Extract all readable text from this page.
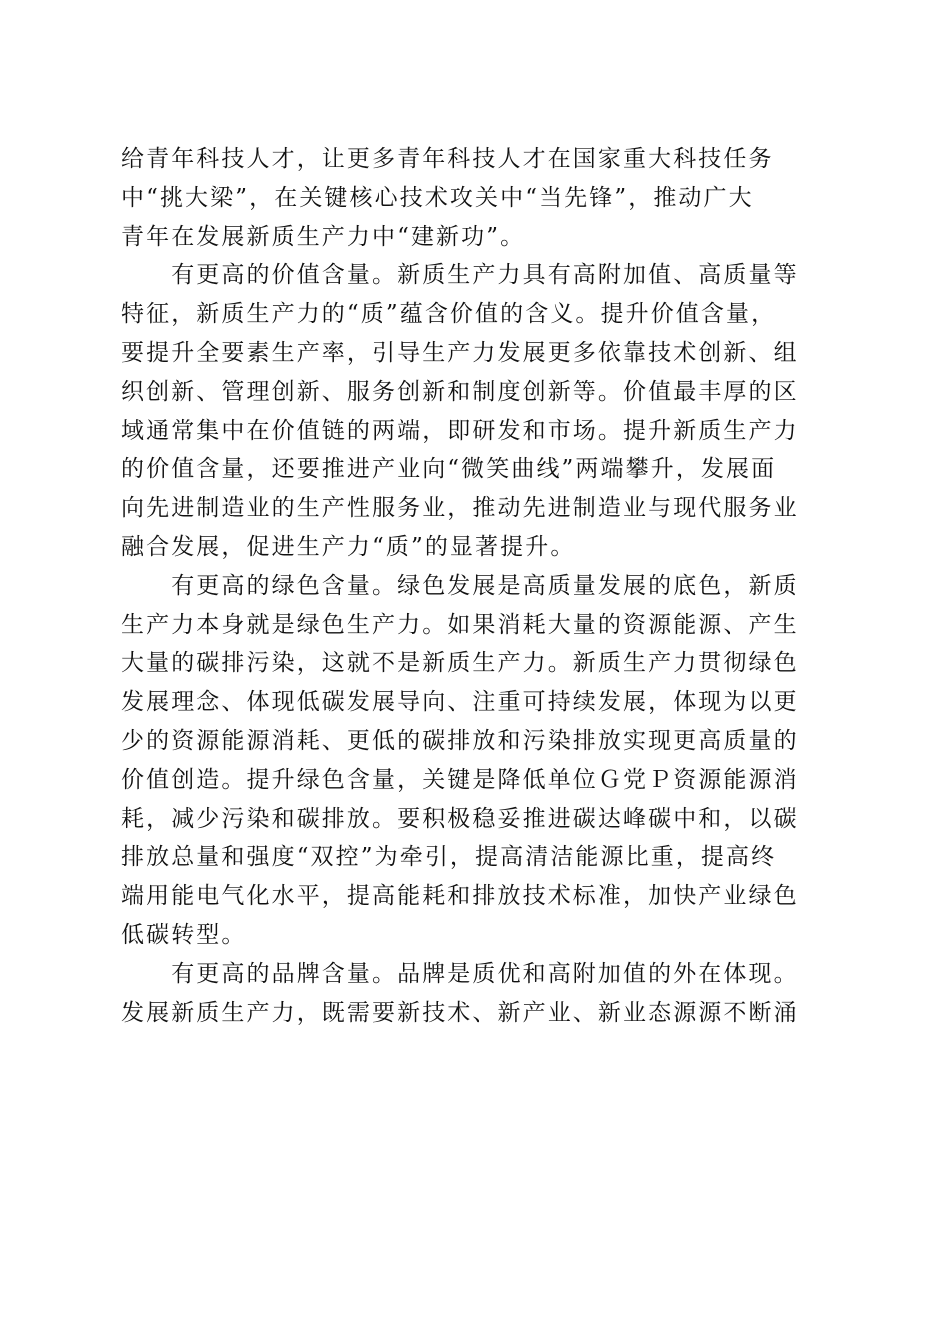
给青年科技人才，让更多青年科技人才在国家重大科技任务
中“挑大梁”，在关键核心技术攻关中“当先锋”，推动广大
青年在发展新质生产力中“建新功”。
　　有更高的价值含量。新质生产力具有高附加值、高质量等
特征，新质生产力的“质”蕴含价值的含义。提升价值含量，
要提升全要素生产率，引导生产力发展更多依靠技术创新、组
织创新、管理创新、服务创新和制度创新等。价值最丰厚的区
域通常集中在价值链的两端，即研发和市场。提升新质生产力
的价值含量，还要推进产业向“微笑曲线”两端攀升，发展面
向先进制造业的生产性服务业，推动先进制造业与现代服务业
融合发展，促进生产力“质”的显著提升。
　　有更高的绿色含量。绿色发展是高质量发展的底色，新质
生产力本身就是绿色生产力。如果消耗大量的资源能源、产生
大量的碳排污染，这就不是新质生产力。新质生产力贯彻绿色
发展理念、体现低碳发展导向、注重可持续发展，体现为以更
少的资源能源消耗、更低的碳排放和污染排放实现更高质量的
价值创造。提升绿色含量，关键是降低单位Ｇ党Ｐ资源能源消
耗，减少污染和碳排放。要积极稳妥推进碳达峰碳中和，以碳
排放总量和强度“双控”为牵引，提高清洁能源比重，提高终
端用能电气化水平，提高能耗和排放技术标准，加快产业绿色
低碳转型。
　　有更高的品牌含量。品牌是质优和高附加值的外在体现。
发展新质生产力，既需要新技术、新产业、新业态源源不断涌
